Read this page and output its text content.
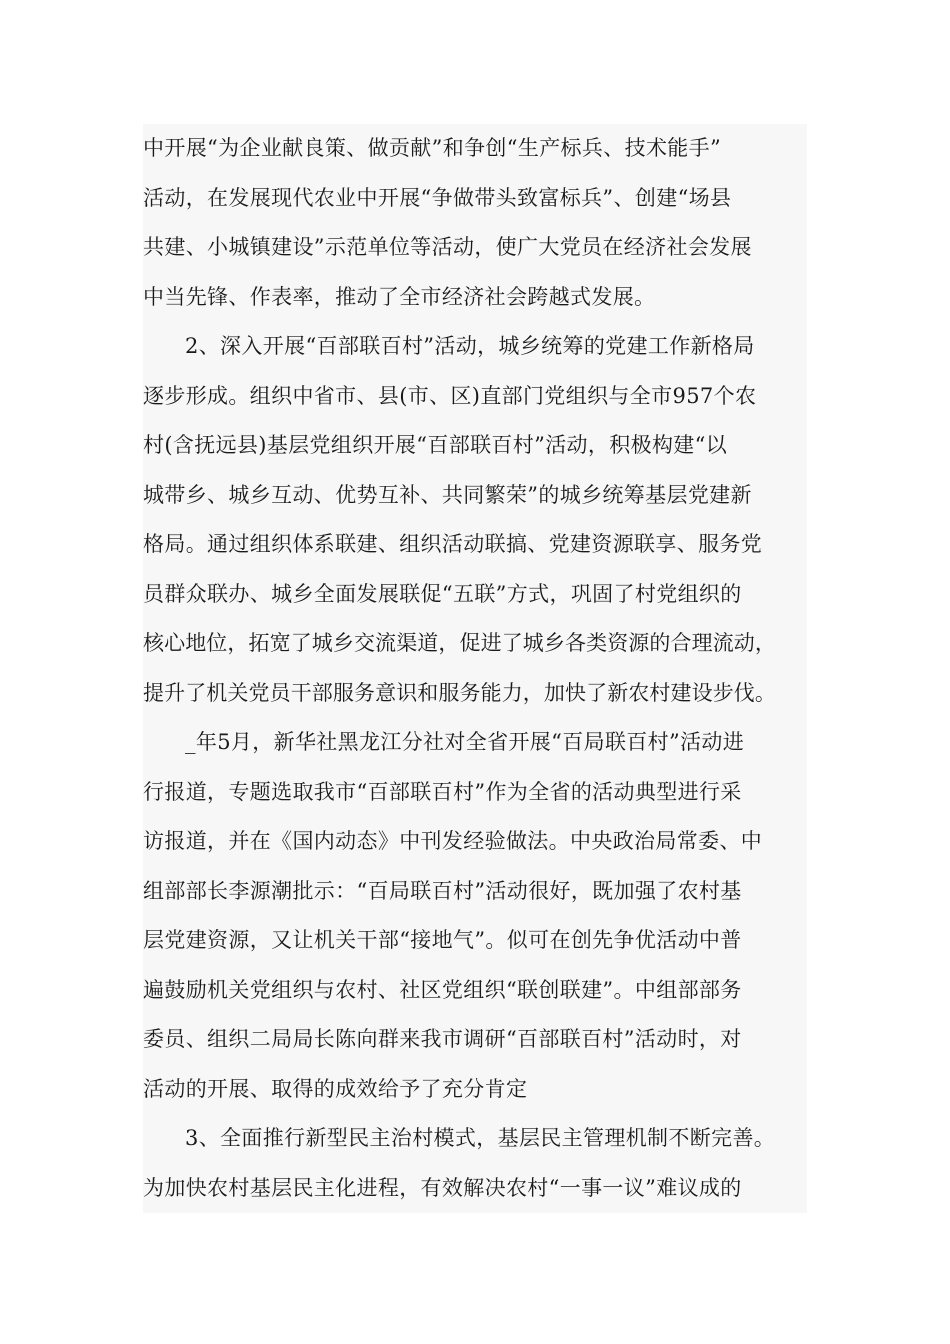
中开展“为企业献良策、做贡献”和争创“生产标兵、技术能手”
活动，在发展现代农业中开展“争做带头致富标兵”、创建“场县
共建、小城镇建设”示范单位等活动，使广大党员在经济社会发展
中当先锋、作表率，推动了全市经济社会跨越式发展。
2、深入开展“百部联百村”活动，城乡统筹的党建工作新格局
逐步形成。组织中省市、县(市、区)直部门党组织与全市957个农
村(含抚远县)基层党组织开展“百部联百村”活动，积极构建“以
城带乡、城乡互动、优势互补、共同繁荣”的城乡统筹基层党建新
格局。通过组织体系联建、组织活动联搞、党建资源联享、服务党
员群众联办、城乡全面发展联促“五联”方式，巩固了村党组织的
核心地位，拓宽了城乡交流渠道，促进了城乡各类资源的合理流动，
提升了机关党员干部服务意识和服务能力，加快了新农村建设步伐。
_年5月，新华社黑龙江分社对全省开展“百局联百村”活动进
行报道，专题选取我市“百部联百村”作为全省的活动典型进行采
访报道，并在《国内动态》中刊发经验做法。中央政治局常委、中
组部部长李源潮批示：“百局联百村”活动很好，既加强了农村基
层党建资源，又让机关干部“接地气”。似可在创先争优活动中普
遍鼓励机关党组织与农村、社区党组织“联创联建”。中组部部务
委员、组织二局局长陈向群来我市调研“百部联百村”活动时，对
活动的开展、取得的成效给予了充分肯定
3、全面推行新型民主治村模式，基层民主管理机制不断完善。
为加快农村基层民主化进程，有效解决农村“一事一议”难议成的
